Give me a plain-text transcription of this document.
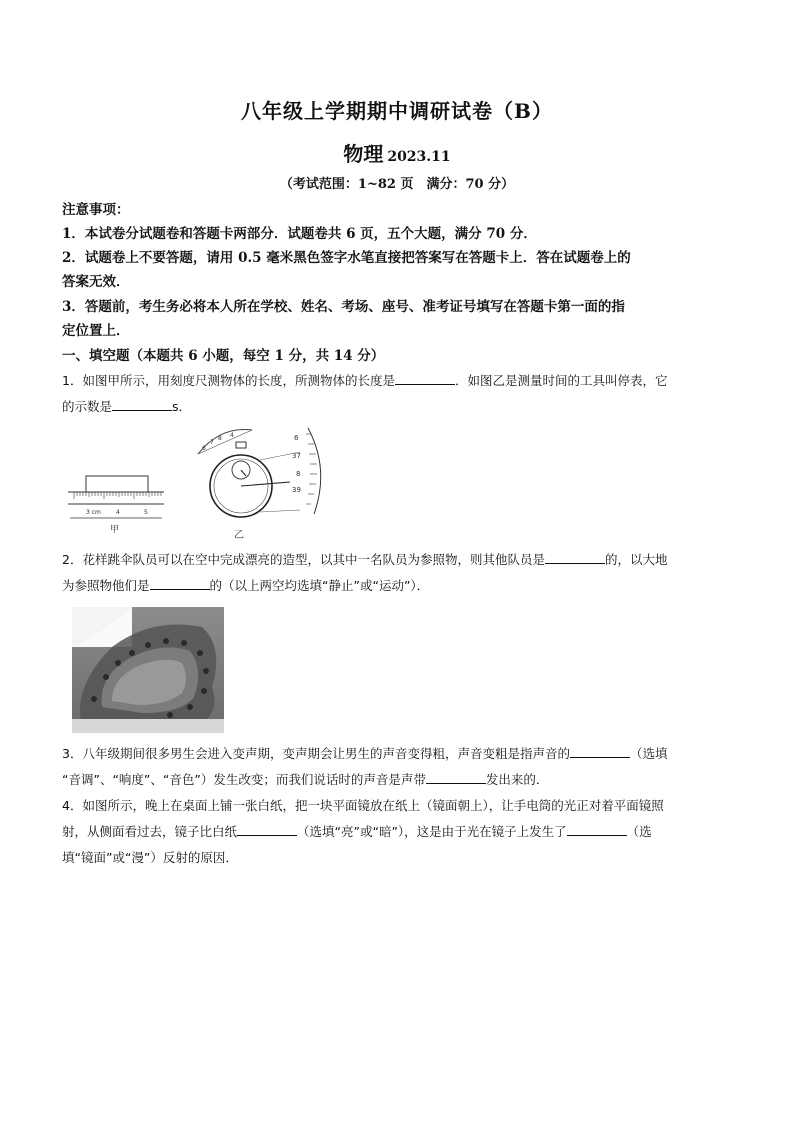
八年级上学期期中调研试卷（B）
物理 2023.11
（考试范围：1~82 页　满分：70 分）
注意事项：
1．本试卷分试题卷和答题卡两部分．试题卷共 6 页，五个大题，满分 70 分．
2．试题卷上不要答题，请用 0.5 毫米黑色签字水笔直接把答案写在答题卡上．答在试题卷上的
答案无效．
3．答题前，考生务必将本人所在学校、姓名、考场、座号、准考证号填写在答题卡第一面的指
定位置上．
一、填空题（本题共 6 小题，每空 1 分，共 14 分）
1．如图甲所示，用刻度尺测物体的长度，所测物体的长度是	．如图乙是测量时间的工具叫停表，它
的示数是	s．
3 cm	4	5
甲
6
7
8 4	6
37
8
39
乙
2．花样跳伞队员可以在空中完成漂亮的造型，以其中一名队员为参照物，则其他队员是	的，以大地
为参照物他们是	的（以上两空均选填“静止”或“运动”）．
3．八年级期间很多男生会进入变声期，变声期会让男生的声音变得粗，声音变粗是指声音的	（选填
“音调”、“响度”、“音色”）发生改变；而我们说话时的声音是声带	发出来的．
4．如图所示，晚上在桌面上铺一张白纸，把一块平面镜放在纸上（镜面朝上），让手电筒的光正对着平面镜照
射，从侧面看过去，镜子比白纸	（选填“亮”或“暗”），这是由于光在镜子上发生了	（选
填“镜面”或“漫”）反射的原因．
